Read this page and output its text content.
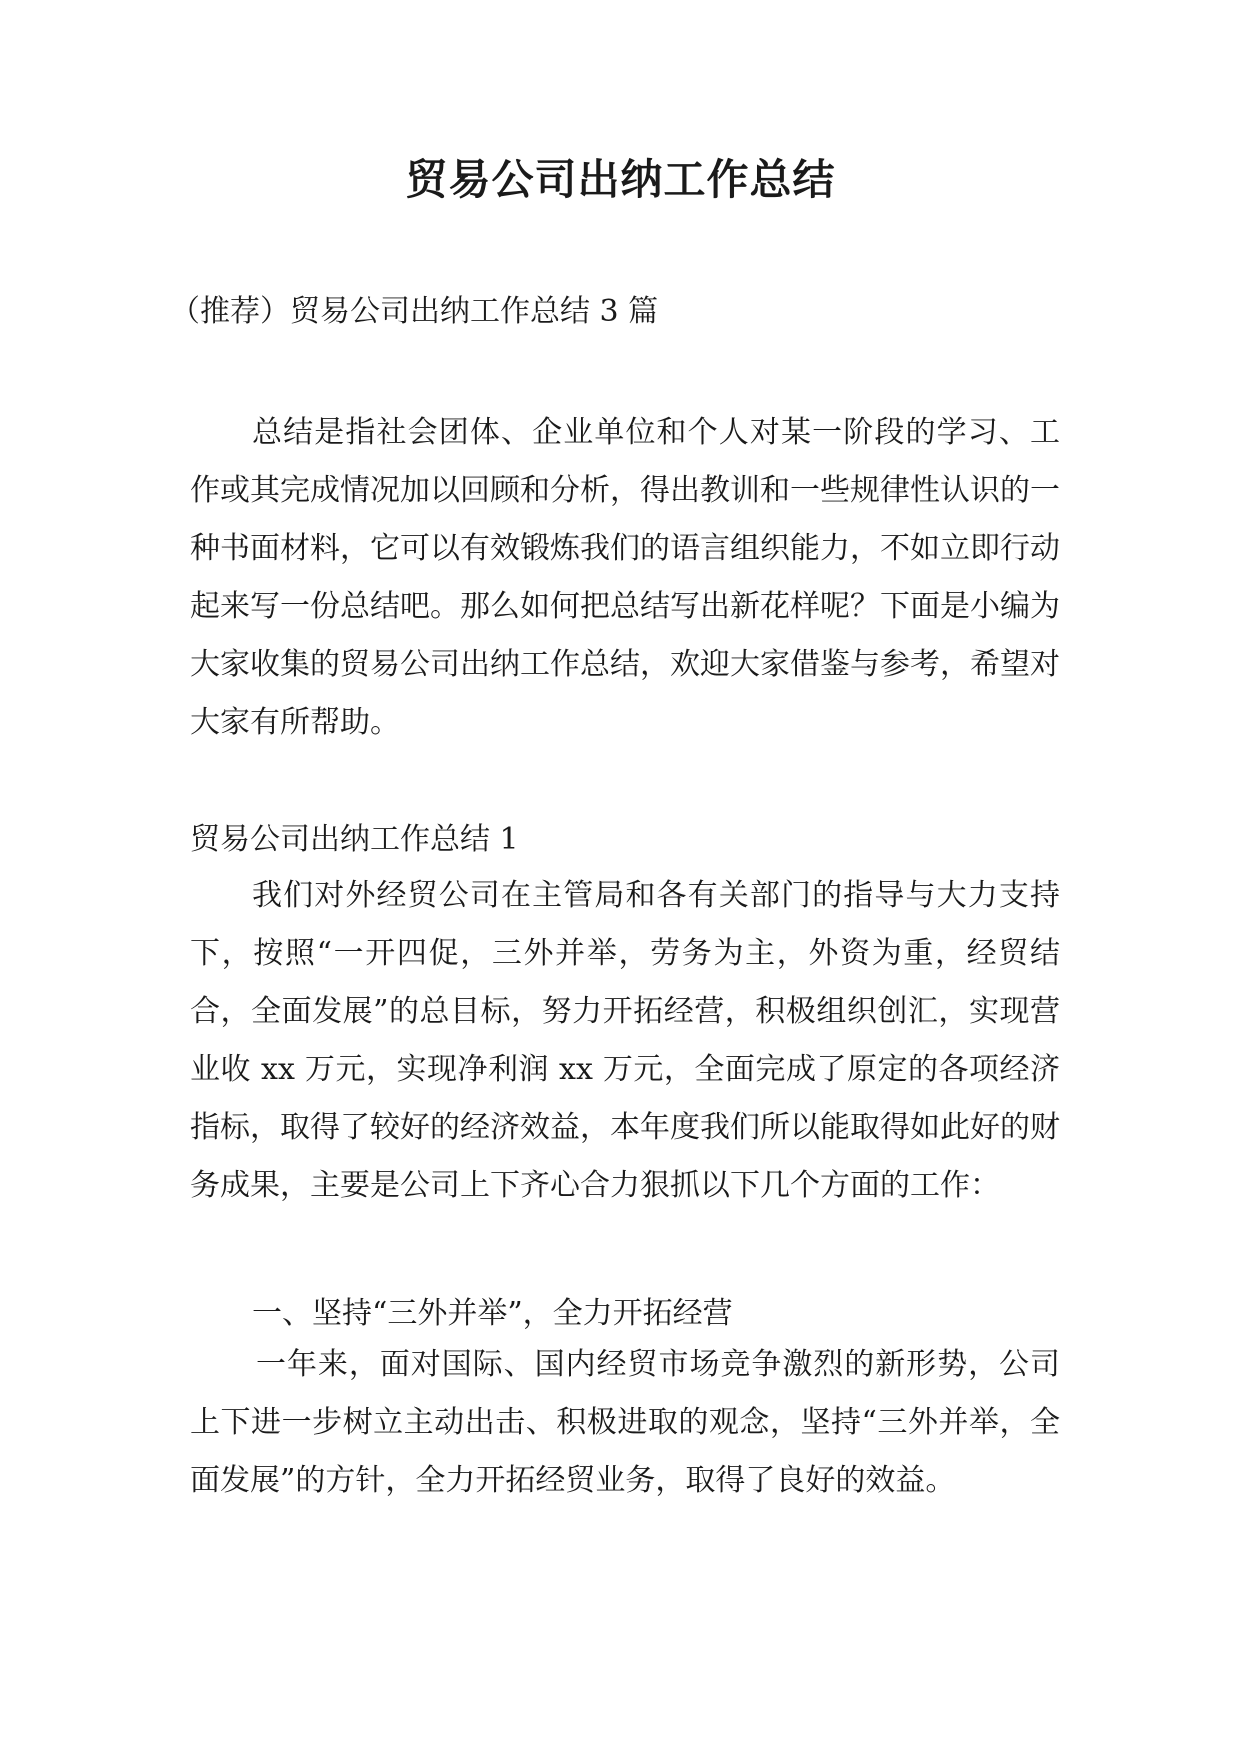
贸易公司出纳工作总结

（推荐）贸易公司出纳工作总结 3 篇

总结是指社会团体、企业单位和个人对某一阶段的学习、工作或其完成情况加以回顾和分析，得出教训和一些规律性认识的一种书面材料，它可以有效锻炼我们的语言组织能力，不如立即行动起来写一份总结吧。那么如何把总结写出新花样呢？下面是小编为大家收集的贸易公司出纳工作总结，欢迎大家借鉴与参考，希望对大家有所帮助。

贸易公司出纳工作总结 1

我们对外经贸公司在主管局和各有关部门的指导与大力支持下，按照“一开四促，三外并举，劳务为主，外资为重，经贸结合，全面发展”的总目标，努力开拓经营，积极组织创汇，实现营业收 xx 万元，实现净利润 xx 万元，全面完成了原定的各项经济指标，取得了较好的经济效益，本年度我们所以能取得如此好的财务成果，主要是公司上下齐心合力狠抓以下几个方面的工作：

一、坚持“三外并举”，全力开拓经营

一年来，面对国际、国内经贸市场竞争激烈的新形势，公司上下进一步树立主动出击、积极进取的观念，坚持“三外并举，全面发展”的方针，全力开拓经贸业务，取得了良好的效益。
